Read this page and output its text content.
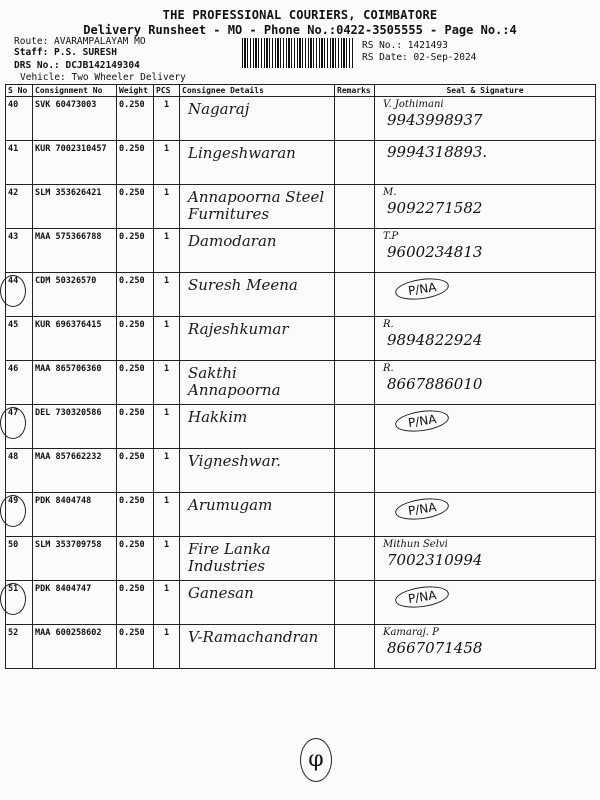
THE PROFESSIONAL COURIERS, COIMBATORE
Delivery Runsheet - MO - Phone No.:0422-3505555 - Page No.:4
Route: AVARAMPALAYAM MO
Staff: P.S. SURESH
DRS No.: DCJB142149304
Vehicle: Two Wheeler Delivery
RS No.: 1421493
RS Date: 02-Sep-2024
S No	Consignment No	Weight	PCS	Consignee Details	Remarks	Seal & Signature
40	SVK 60473003	0.250	1	Nagaraj		V. Jothimani
9943998937

41	KUR 7002310457	0.250	1	Lingeshwaran		9994318893.

42	SLM 353626421	0.250	1	Annapoorna Steel Furnitures		M.
9092271582

43	MAA 575366788	0.250	1	Damodaran		T.P
9600234813

44	CDM 50326570	0.250	1	Suresh Meena		P/NA
45	KUR 696376415	0.250	1	Rajeshkumar		R.
9894822924

46	MAA 865706360	0.250	1	Sakthi Annapoorna		R.
8667886010

47	DEL 730320586	0.250	1	Hakkim		P/NA
48	MAA 857662232	0.250	1	Vigneshwar.		

49	PDK 8404748	0.250	1	Arumugam		P/NA
50	SLM 353709758	0.250	1	Fire Lanka Industries		Mithun Selvi
7002310994

51	PDK 8404747	0.250	1	Ganesan		P/NA
52	MAA 600258602	0.250	1	V-Ramachandran		Kamaraj. P
8667071458
φ
